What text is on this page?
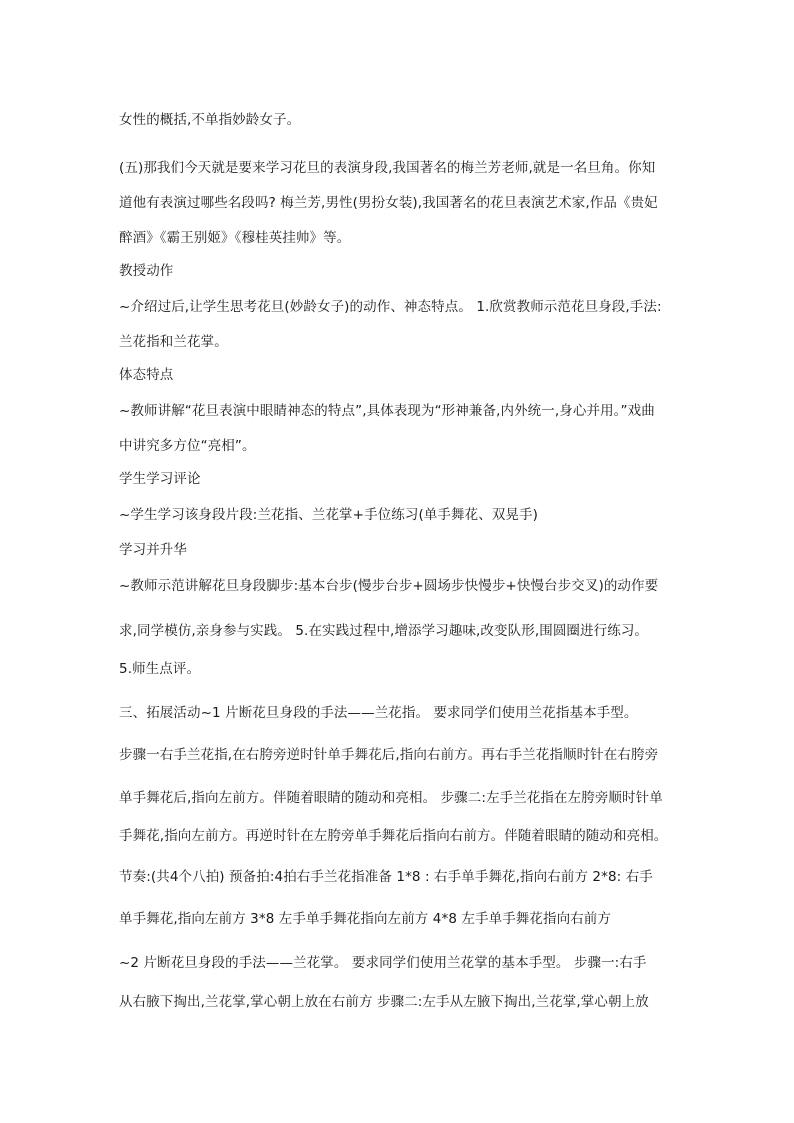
女性的概括,不单指妙龄女子。
(五)那我们今天就是要来学习花旦的表演身段,我国著名的梅兰芳老师,就是一名旦角。你知
道他有表演过哪些名段吗? 梅兰芳,男性(男扮女装),我国著名的花旦表演艺术家,作品《贵妃
醉酒》《霸王别姬》《穆桂英挂帅》等。
教授动作
~介绍过后,让学生思考花旦(妙龄女子)的动作、神态特点。 1.欣赏教师示范花旦身段,手法:
兰花指和兰花掌。
体态特点
~教师讲解“花旦表演中眼睛神态的特点”,具体表现为“形神兼备,内外统一,身心并用。”戏曲
中讲究多方位“亮相”。
学生学习评论
~学生学习该身段片段:兰花指、兰花掌+手位练习(单手舞花、双晃手)
学习并升华
~教师示范讲解花旦身段脚步:基本台步(慢步台步+圆场步快慢步+快慢台步交叉)的动作要
求,同学模仿,亲身参与实践。 5.在实践过程中,增添学习趣味,改变队形,围圆圈进行练习。
5.师生点评。
三、拓展活动~1 片断花旦身段的手法——兰花指。 要求同学们使用兰花指基本手型。
步骤一右手兰花指,在右胯旁逆时针单手舞花后,指向右前方。再右手兰花指顺时针在右胯旁
单手舞花后,指向左前方。伴随着眼睛的随动和亮相。 步骤二:左手兰花指在左胯旁顺时针单
手舞花,指向左前方。再逆时针在左胯旁单手舞花后指向右前方。伴随着眼睛的随动和亮相。
节奏:(共4个八拍) 预备拍:4拍右手兰花指准备 1*8 : 右手单手舞花,指向右前方 2*8: 右手
单手舞花,指向左前方 3*8 左手单手舞花指向左前方 4*8 左手单手舞花指向右前方
~2 片断花旦身段的手法——兰花掌。 要求同学们使用兰花掌的基本手型。 步骤一:右手
从右腋下掏出,兰花掌,掌心朝上放在右前方 步骤二:左手从左腋下掏出,兰花掌,掌心朝上放
